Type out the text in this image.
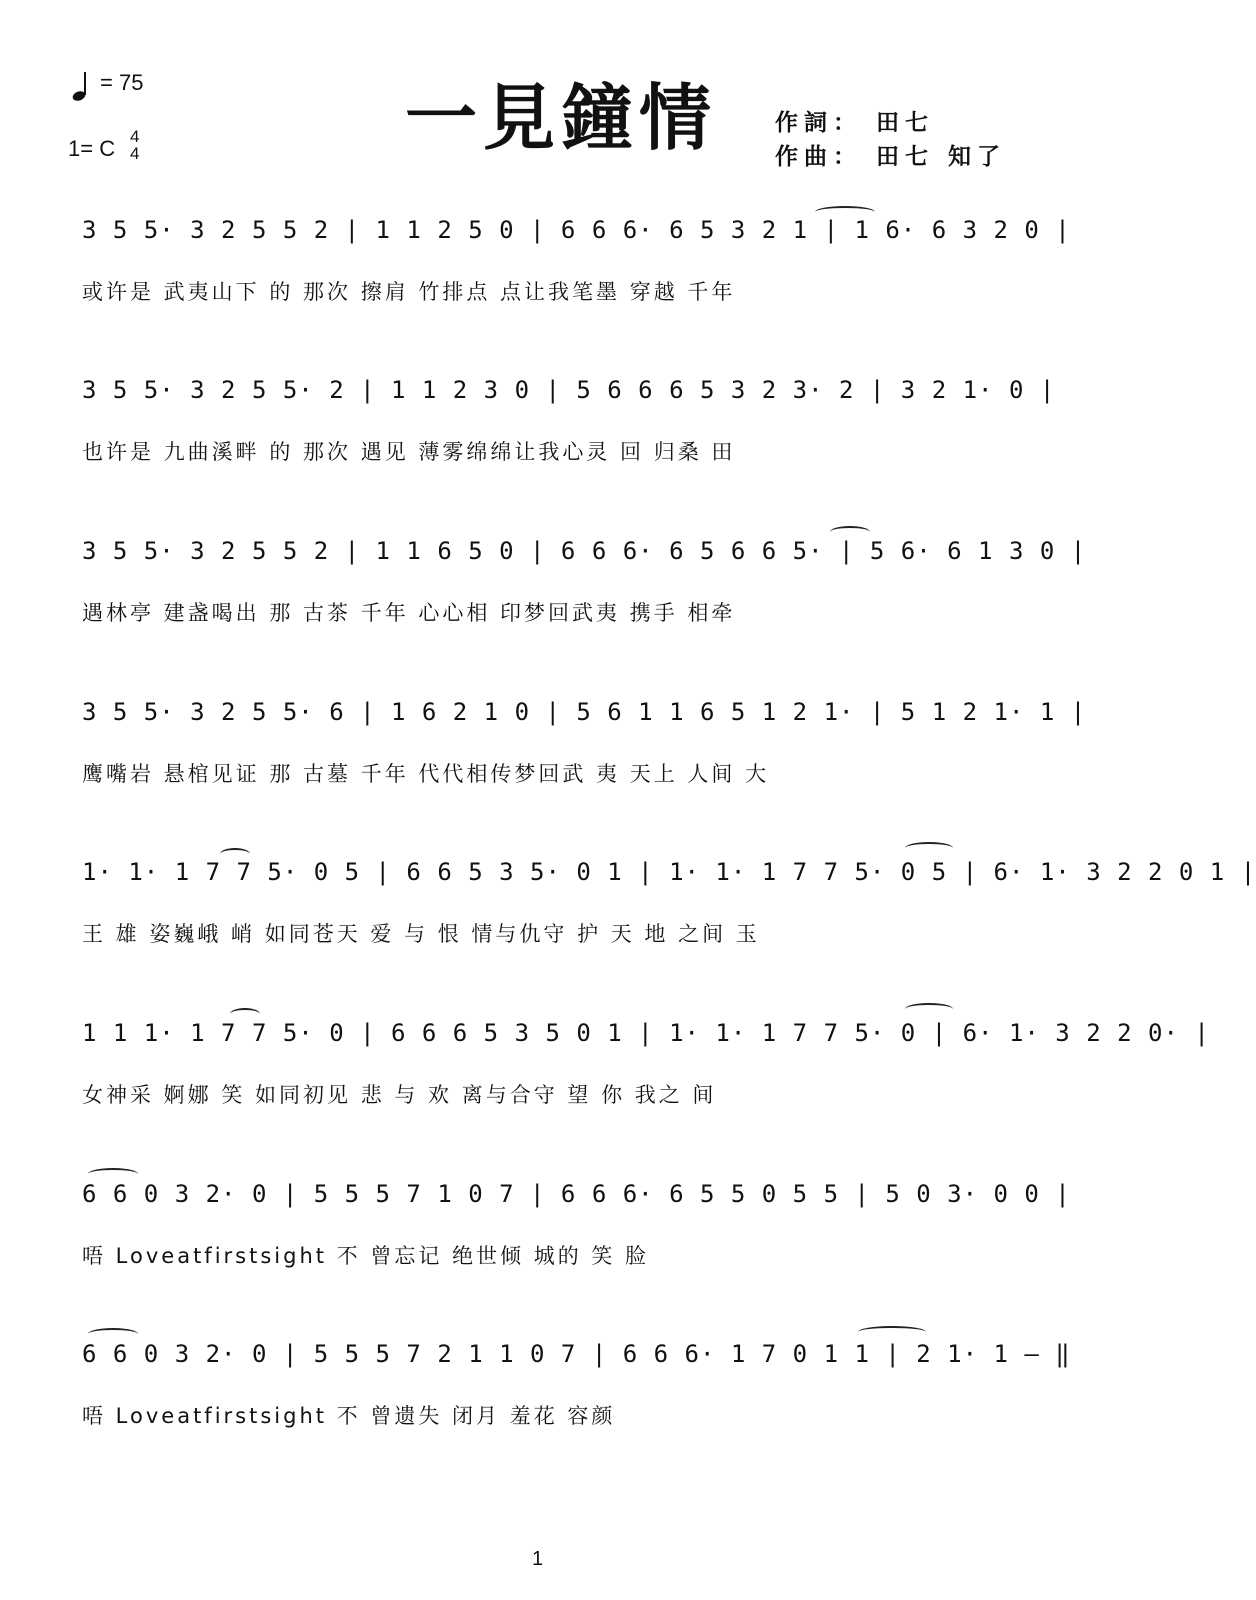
= 75
1= C 4
4	一見鐘情	作詞： 田七
作曲： 田七 知了
3 5 5· 3 2 5 5 2 | 1 1 2 5 0 | 6 6 6· 6 5 3 2 1 | 1 6· 6 3 2 0 |
或许是 武夷山下 的 那次 擦肩 竹排点 点让我笔墨 穿越 千年
3 5 5· 3 2 5 5· 2 | 1 1 2 3 0 | 5 6 6 6 5 3 2 3· 2 | 3 2 1· 0 |
也许是 九曲溪畔 的 那次 遇见 薄雾绵绵让我心灵 回 归桑 田
3 5 5· 3 2 5 5 2 | 1 1 6 5 0 | 6 6 6· 6 5 6 6 5· | 5 6· 6 1 3 0 |
遇林亭 建盏喝出 那 古茶 千年 心心相 印梦回武夷 携手 相牵
3 5 5· 3 2 5 5· 6 | 1 6 2 1 0 | 5 6 1 1 6 5 1 2 1· | 5 1 2 1· 1 |
鹰嘴岩 悬棺见证 那 古墓 千年 代代相传梦回武 夷 天上 人间 大
1· 1· 1 7 7 5· 0 5 | 6 6 5 3 5· 0 1 | 1· 1· 1 7 7 5· 0 5 | 6· 1· 3 2 2 0 1 |
王 雄 姿巍峨 峭 如同苍天 爱 与 恨 情与仇守 护 天 地 之间 玉
1 1 1· 1 7 7 5· 0 | 6 6 6 5 3 5 0 1 | 1· 1· 1 7 7 5· 0 | 6· 1· 3 2 2 0· |
女神采 婀娜 笑 如同初见 悲 与 欢 离与合守 望 你 我之 间
6 6 0 3 2· 0 | 5 5 5 7 1 0 7 | 6 6 6· 6 5 5 0 5 5 | 5 0 3· 0 0 |
唔 Loveatfirstsight 不 曾忘记 绝世倾 城的 笑 脸
6 6 0 3 2· 0 | 5 5 5 7 2 1 1 0 7 | 6 6 6· 1 7 0 1 1 | 2 1· 1 – ‖
唔 Loveatfirstsight 不 曾遗失 闭月 羞花 容颜
1
